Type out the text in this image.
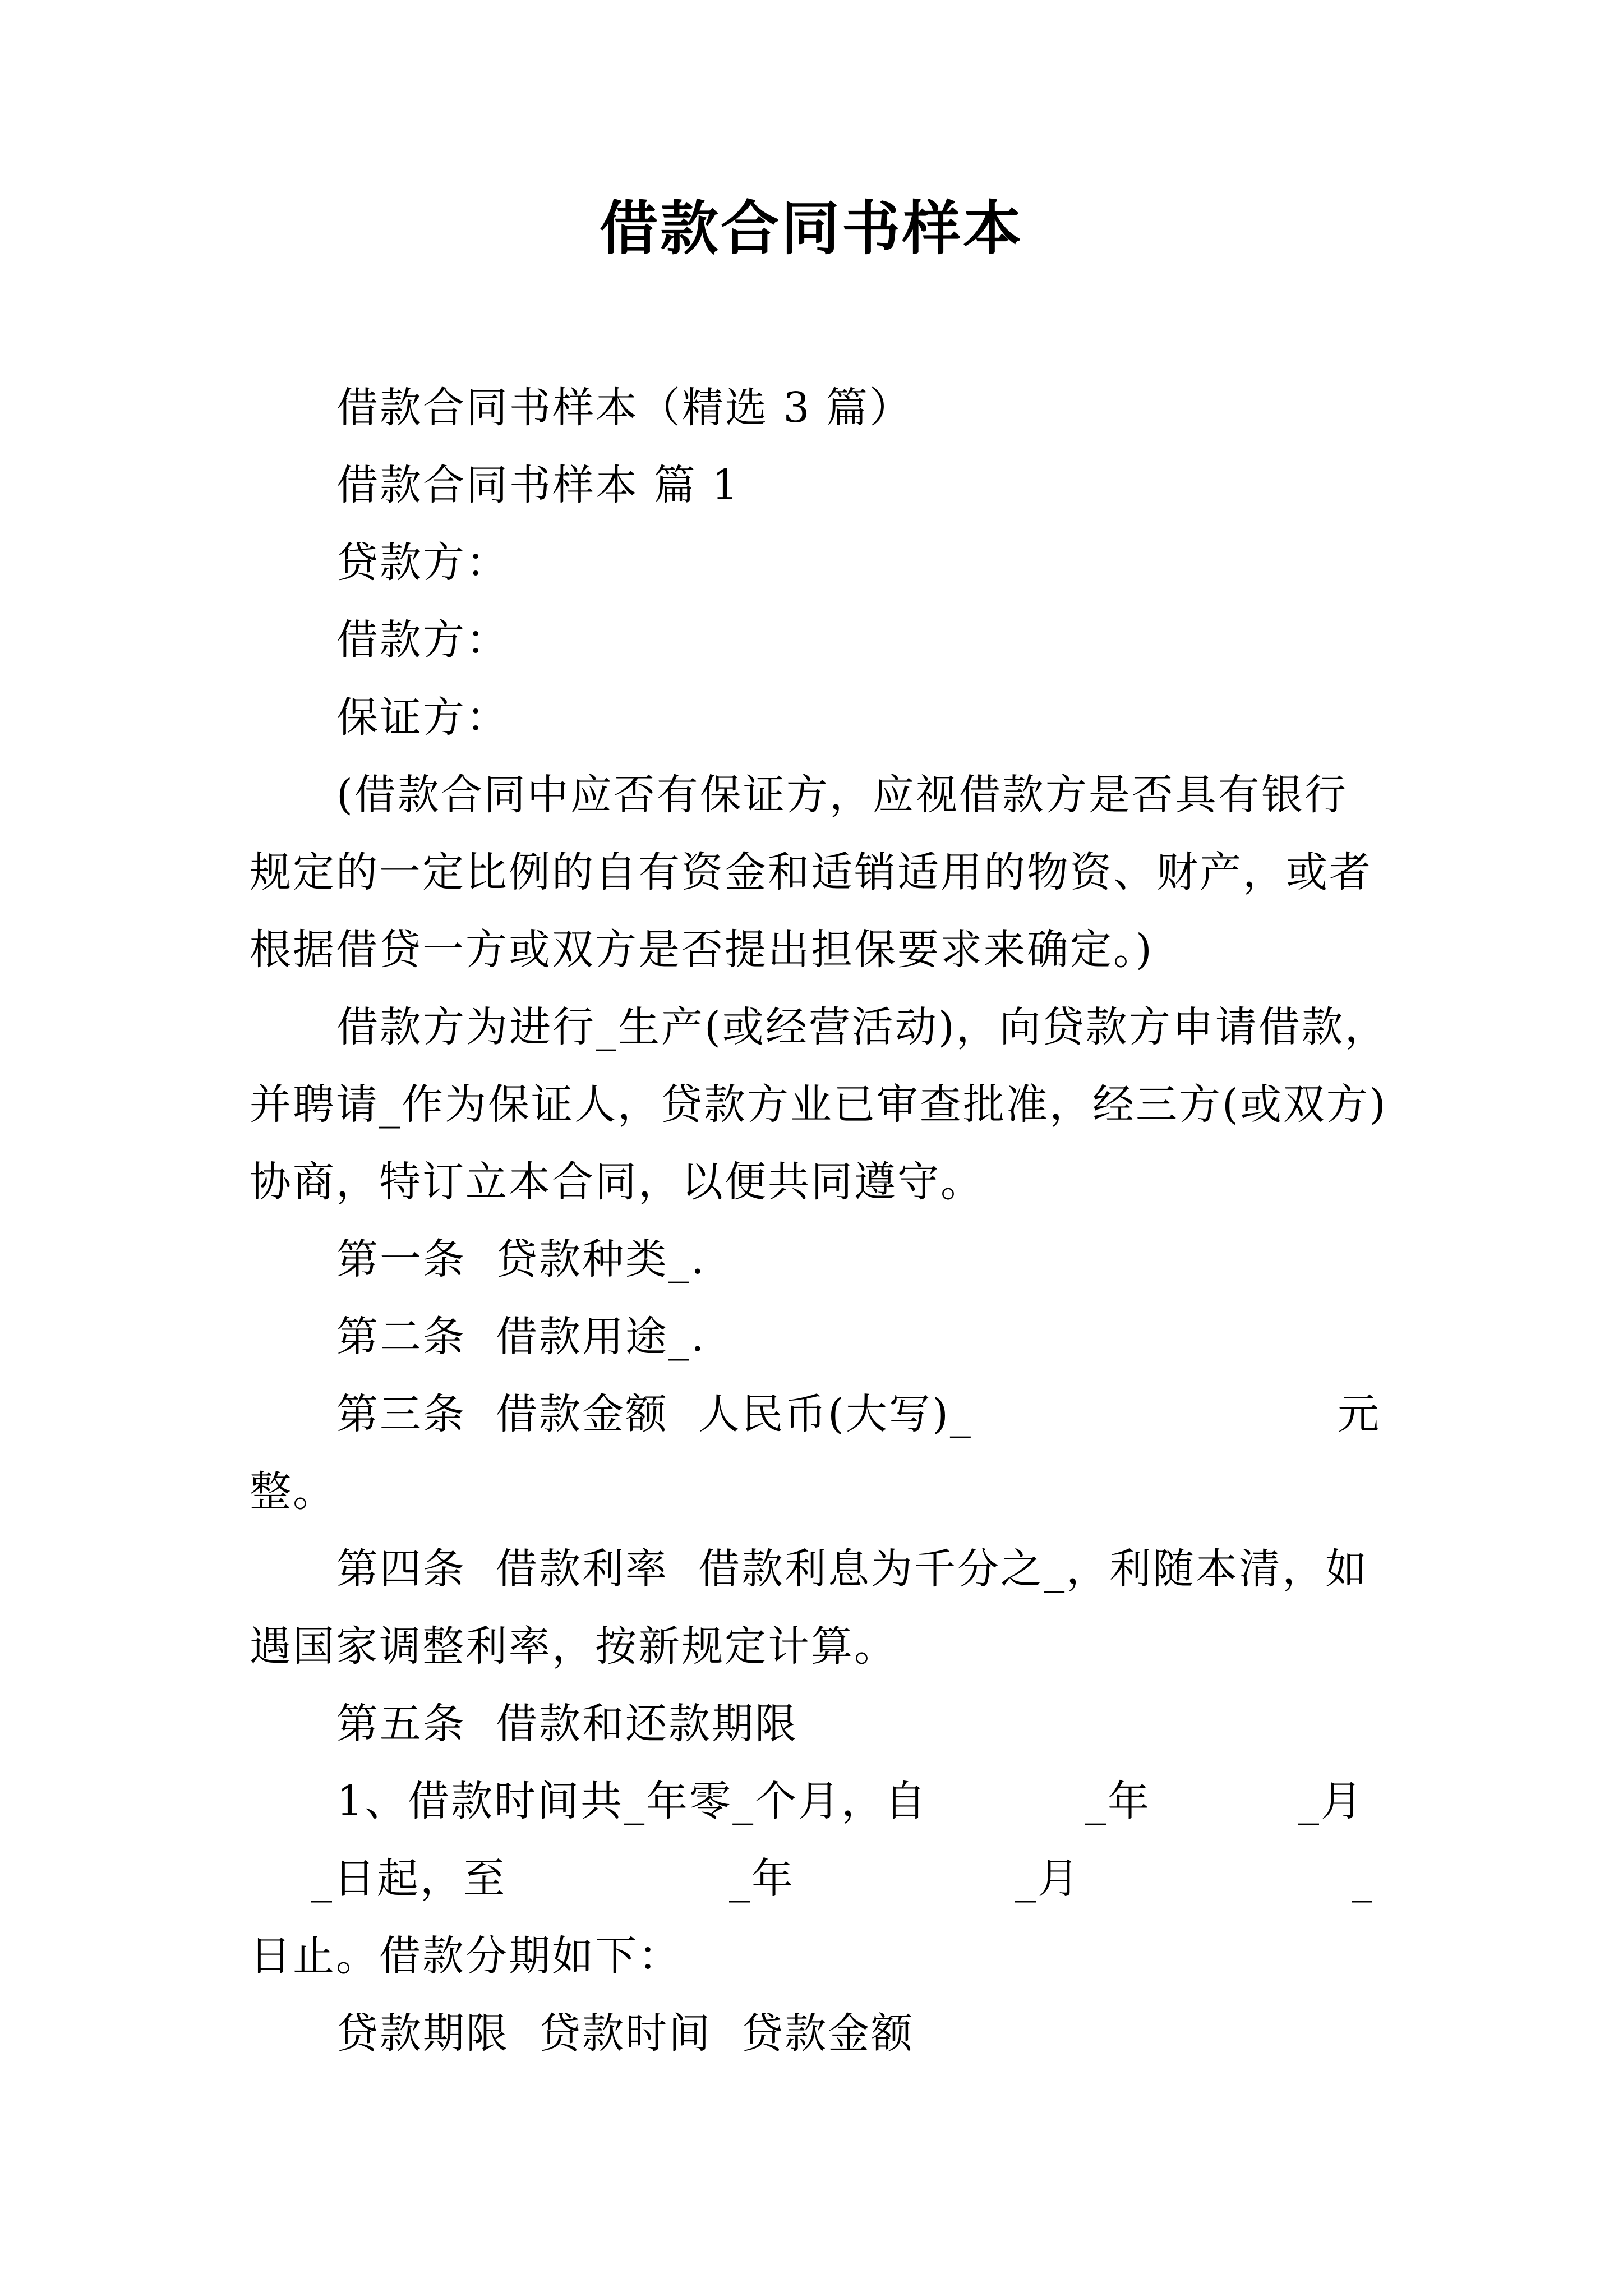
借款合同书样本
借款合同书样本（精选 3 篇）
借款合同书样本 篇 1
贷款方：
借款方：
保证方：
(借款合同中应否有保证方，应视借款方是否具有银行
规定的一定比例的自有资金和适销适用的物资、财产，或者
根据借贷一方或双方是否提出担保要求来确定。)
借款方为进行_生产(或经营活动)，向贷款方申请借款，
并聘请_作为保证人，贷款方业已审查批准，经三方(或双方)
协商，特订立本合同，以便共同遵守。
第一条  贷款种类_.
第二条  借款用途_.
第三条  借款金额  人民币(大写)_	元
整。
第四条  借款利率  借款利息为千分之_，利随本清，如
遇国家调整利率，按新规定计算。
第五条  借款和还款期限
1、借款时间共_年零_个月，自	_年	_月
_日起，至	_年	_月	_
日止。借款分期如下：
贷款期限  贷款时间  贷款金额
